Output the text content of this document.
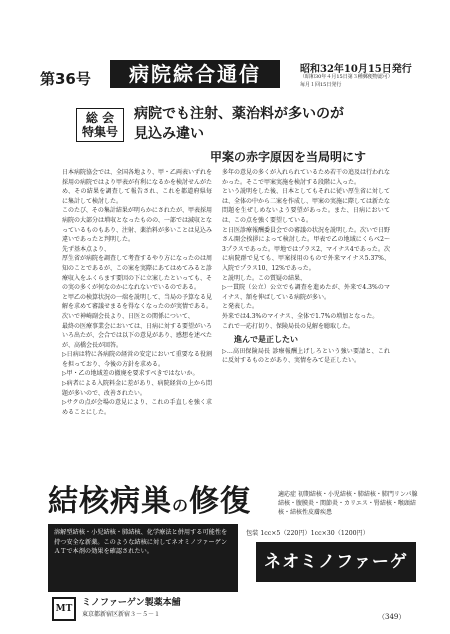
第36号	病院綜合通信	昭和32年10月15日発行
（昭和30年４月15日第３種郵便物認可）
毎月１回15日発行
総 会
特集号
病院でも注射、薬治料が多いのが
見込み違い
甲案の赤字原因を当局明にす

日本病院協会では、全国各地より、甲・乙両表いずれを採用の病院ではより甲表が有利になるかを検討せんがため、その結果を調査して報告され、これを都道府県毎に集計して検討した。

このたび、その集計結果が明らかにされたが、甲表採用病院の大部分は増収となったものの、一部では減収となっているものもあり、注射、薬治料が多いことは見込み違いであったと判明した。

先ず基本点より、

厚生省が病院を調査して考査するやり方になったのは周知のことであるが、この案を実際にあてはめてみると診療収入をふくらます要因の下に立案したといっても、その実の多くが何なのかになれないでいるのである。

と甲乙の検算状況の一端を説明して、当局の予算なる見解を求めて審議せまるを得なくなったのが実情である。次いで神崎副会長より、日医との関係について、

最終の医療事業会においては、日病に対する要望がいろいろ出たが、会合では以下の意見があり、感想を述べたが、高橋会長が回答。

▷日病は特に各病院の経営の安定において重要なる役割を担っており、今後の方針を求める。

▷甲・乙の地域差の撤廃を要求すべきではないか。

▷病者による入院料金に差があり、病院経営の上から問題が多いので、改善されたい。

▷サクの点が会場の意見により、これの手直しを強く求めることにした。

多年の意見の多くが入れられているため若干の追及は行われなかった。そこで甲案実施を検討する段階に入った。

という説明をした後、日本としてもそれに従い厚生省に対しては、全体の中から二案を作成し、甲案の実施に際しては新たな問題を生ぜしめないよう要望があった。また、日病においては、この点を強く要望している。

と日医診療報酬委員会での審議の状況を説明した。次いで日野さん開会挨拶によって検討した。甲表で乙の地域にくらべ2～3プラスであった。甲地ではプラス2、マイナス4であった。次に病院群で見ても、甲案採用のもので外来マイナス5.37%、入院でプラス10、12%であった。

と説明した。この質疑の結果、

▷一貫院（公立）公立でも調査を進めたが、外来で4.3%のマイナス、額を伸ばしている病院が多い。

と発表した。

外来では4.3%のマイナス、全体で1.7%の増加となった。

これで一応打切り、保険局長の見解を聴取した。

進んで是正したい

▷…高田保険局長 診療報酬上げしろという強い要請と、これに反対するものとがあり、実情をみて是正したい。

結核病巣の修復	適応症 初期結核・小児結核・肺結核・肺門リンパ腺結核・腹膜炎・関節炎・カリエス・腎結核・喉頭結核・結核性皮膚疾患
溶解型結核・小児結核・肺結核、化学療法と併用する可能性を持つ安全な新薬。このような結核に対してネオミノファーゲンＡＴで本剤の効果を確認されたい。
包装 1cc×5（220円）1cc×30（1200円）
ネオミノファーゲンA・T
MT
ミノファーゲン製薬本舗
東京都新宿区新宿３－５－１	（349）
